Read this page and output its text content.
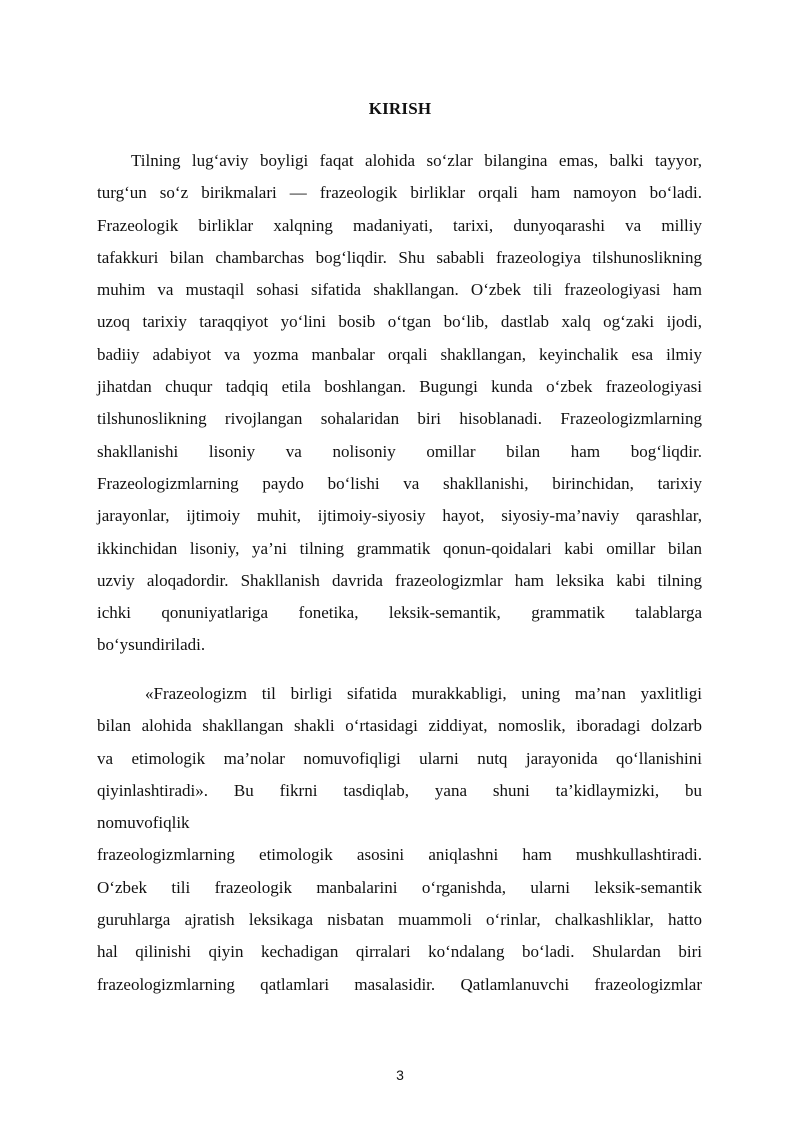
KIRISH
Tilning lug‘aviy boyligi faqat alohida so‘zlar bilangina emas, balki tayyor,
turg‘un so‘z birikmalari — frazeologik birliklar orqali ham namoyon bo‘ladi.
Frazeologik birliklar xalqning madaniyati, tarixi, dunyoqarashi va milliy
tafakkuri bilan chambarchas bog‘liqdir. Shu sababli frazeologiya tilshunoslikning
muhim va mustaqil sohasi sifatida shakllangan. O‘zbek tili frazeologiyasi ham
uzoq tarixiy taraqqiyot yo‘lini bosib o‘tgan bo‘lib, dastlab xalq og‘zaki ijodi,
badiiy adabiyot va yozma manbalar orqali shakllangan, keyinchalik esa ilmiy
jihatdan chuqur tadqiq etila boshlangan. Bugungi kunda o‘zbek frazeologiyasi
tilshunoslikning rivojlangan sohalaridan biri hisoblanadi. Frazeologizmlarning
shakllanishi lisoniy va nolisoniy omillar bilan ham bog‘liqdir.
Frazeologizmlarning paydo bo‘lishi va shakllanishi, birinchidan, tarixiy
jarayonlar, ijtimoiy muhit, ijtimoiy-siyosiy hayot, siyosiy-ma’naviy qarashlar,
ikkinchidan lisoniy, ya’ni tilning grammatik qonun-qoidalari kabi omillar bilan
uzviy aloqadordir. Shakllanish davrida frazeologizmlar ham leksika kabi tilning
ichki qonuniyatlariga fonetika, leksik-semantik, grammatik talablarga
bo‘ysundiriladi.
«Frazeologizm til birligi sifatida murakkabligi, uning ma’nan yaxlitligi
bilan alohida shakllangan shakli o‘rtasidagi ziddiyat, nomoslik, iboradagi dolzarb
va etimologik ma’nolar nomuvofiqligi ularni nutq jarayonida qo‘llanishini
qiyinlashtiradi». Bu fikrni tasdiqlab, yana shuni ta’kidlaymizki, bu
nomuvofiqlik
frazeologizmlarning etimologik asosini aniqlashni ham mushkullashtiradi.
O‘zbek tili frazeologik manbalarini o‘rganishda, ularni leksik-semantik
guruhlarga ajratish leksikaga nisbatan muammoli o‘rinlar, chalkashliklar, hatto
hal qilinishi qiyin kechadigan qirralari ko‘ndalang bo‘ladi. Shulardan biri
frazeologizmlarning qatlamlari masalasidir. Qatlamlanuvchi frazeologizmlar
3
